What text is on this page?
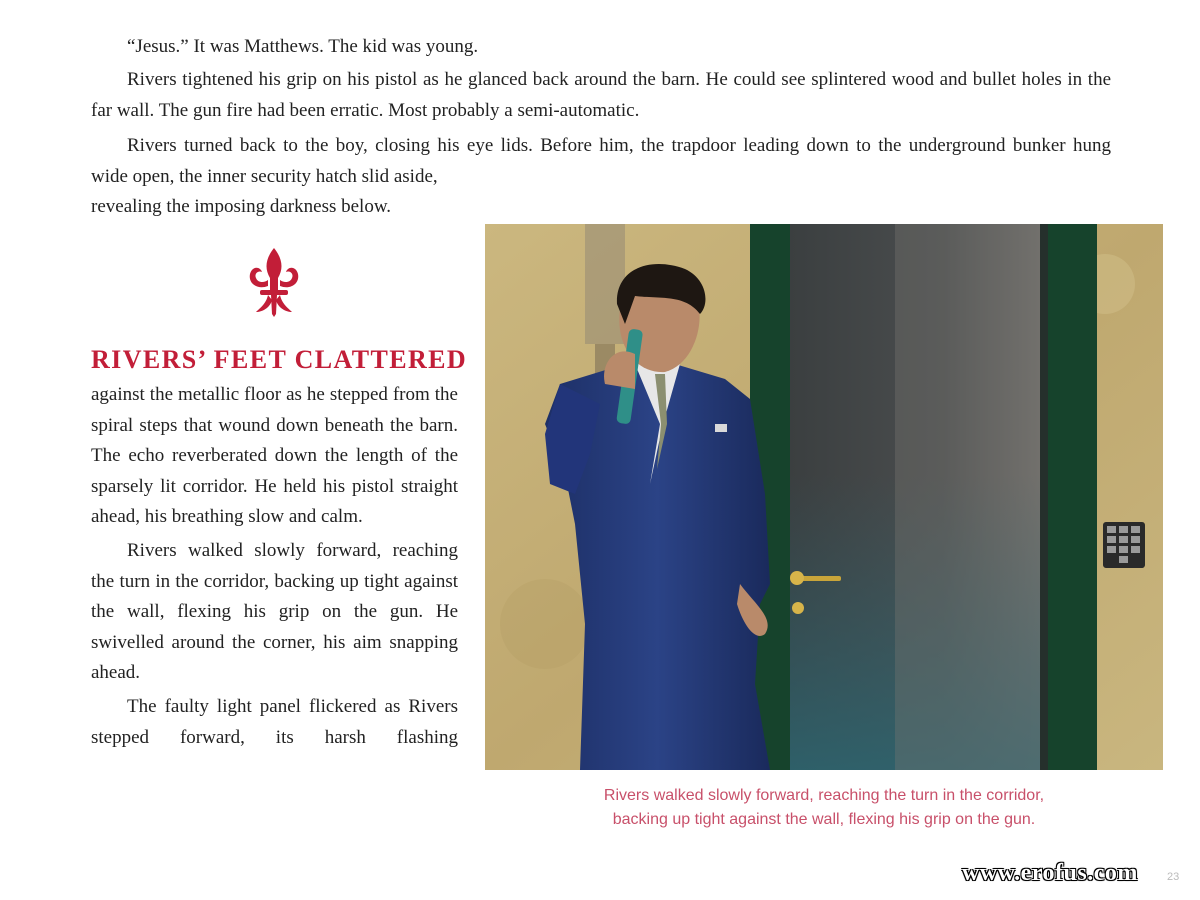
“Jesus.” It was Matthews. The kid was young.

Rivers tightened his grip on his pistol as he glanced back around the barn. He could see splintered wood and bullet holes in the far wall. The gun fire had been erratic. Most probably a semi-automatic.

Rivers turned back to the boy, closing his eye lids. Before him, the trapdoor leading down to the underground bunker hung

wide open, the inner security hatch slid aside,

revealing the imposing darkness below.

RIVERS’ FEET CLATTERED

against the metallic floor as he stepped from the spiral steps that wound down beneath the barn. The echo reverberated down the length of the sparsely lit corridor. He held his pistol straight ahead, his breathing slow and calm.

Rivers walked slowly forward, reaching the turn in the corridor, backing up tight against the wall, flexing his grip on the gun. He swivelled around the corner, his aim snapping ahead.

The faulty light panel flickered as Rivers stepped forward, its harsh flashing

Rivers walked slowly forward, reaching the turn in the corridor,
backing up tight against the wall, flexing his grip on the gun.
www.erofus.com	23
